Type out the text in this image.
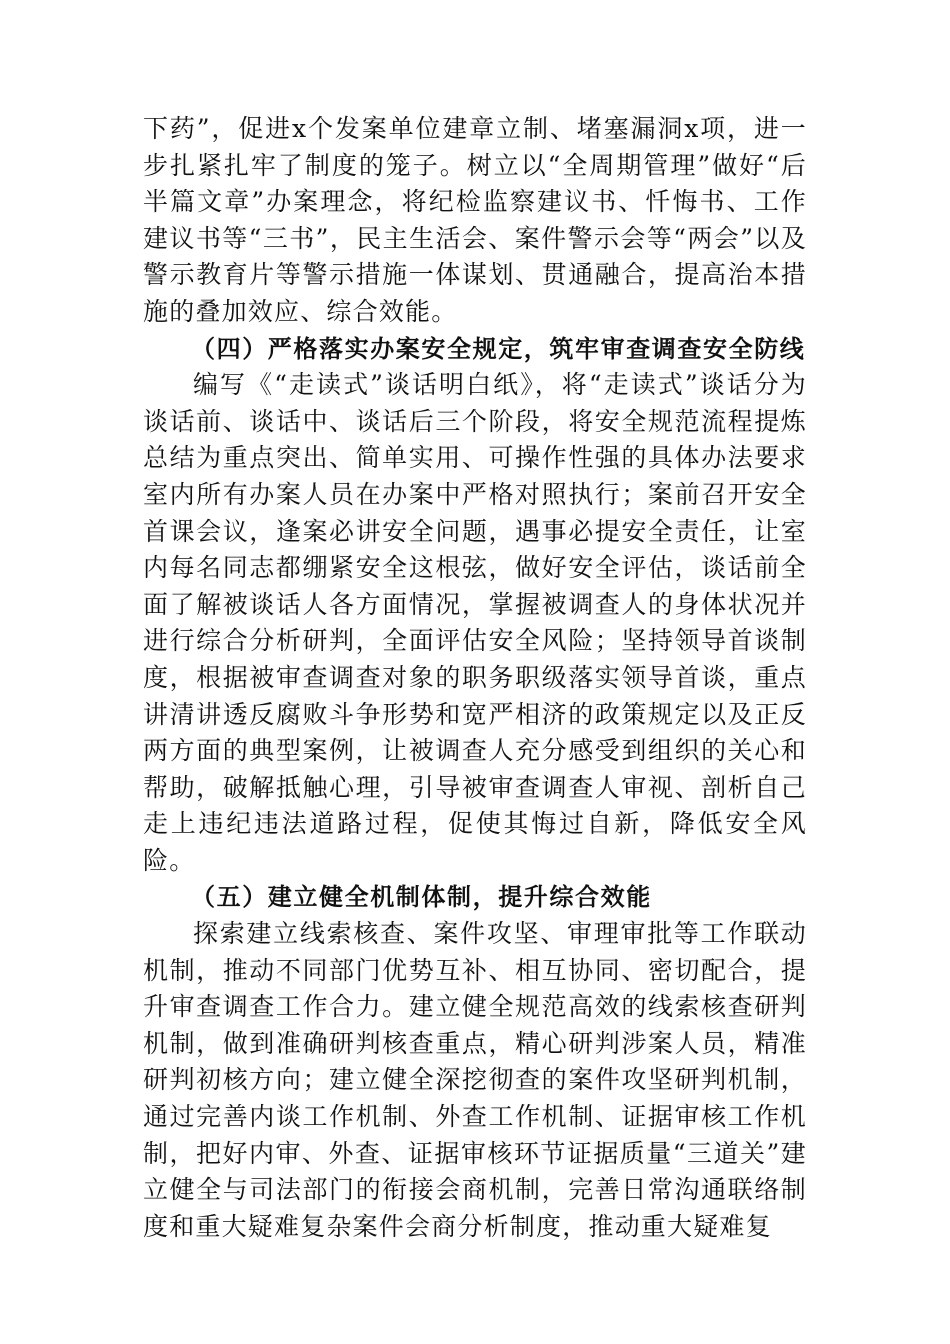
下药”，促进x个发案单位建章立制、堵塞漏洞x项，进一步扎紧扎牢了制度的笼子。树立以“全周期管理”做好“后半篇文章”办案理念，将纪检监察建议书、忏悔书、工作建议书等“三书”，民主生活会、案件警示会等“两会”以及警示教育片等警示措施一体谋划、贯通融合，提高治本措施的叠加效应、综合效能。

（四）严格落实办案安全规定，筑牢审查调查安全防线

编写《“走读式”谈话明白纸》，将“走读式”谈话分为谈话前、谈话中、谈话后三个阶段，将安全规范流程提炼总结为重点突出、简单实用、可操作性强的具体办法要求室内所有办案人员在办案中严格对照执行；案前召开安全首课会议，逢案必讲安全问题，遇事必提安全责任，让室内每名同志都绷紧安全这根弦，做好安全评估，谈话前全面了解被谈话人各方面情况，掌握被调查人的身体状况并进行综合分析研判，全面评估安全风险；坚持领导首谈制度，根据被审查调查对象的职务职级落实领导首谈，重点讲清讲透反腐败斗争形势和宽严相济的政策规定以及正反两方面的典型案例，让被调查人充分感受到组织的关心和帮助，破解抵触心理，引导被审查调查人审视、剖析自己走上违纪违法道路过程，促使其悔过自新，降低安全风险。

（五）建立健全机制体制，提升综合效能

探索建立线索核查、案件攻坚、审理审批等工作联动机制，推动不同部门优势互补、相互协同、密切配合，提升审查调查工作合力。建立健全规范高效的线索核查研判机制，做到准确研判核查重点，精心研判涉案人员，精准研判初核方向；建立健全深挖彻查的案件攻坚研判机制，通过完善内谈工作机制、外查工作机制、证据审核工作机制，把好内审、外查、证据审核环节证据质量“三道关”建立健全与司法部门的衔接会商机制，完善日常沟通联络制度和重大疑难复杂案件会商分析制度，推动重大疑难复
